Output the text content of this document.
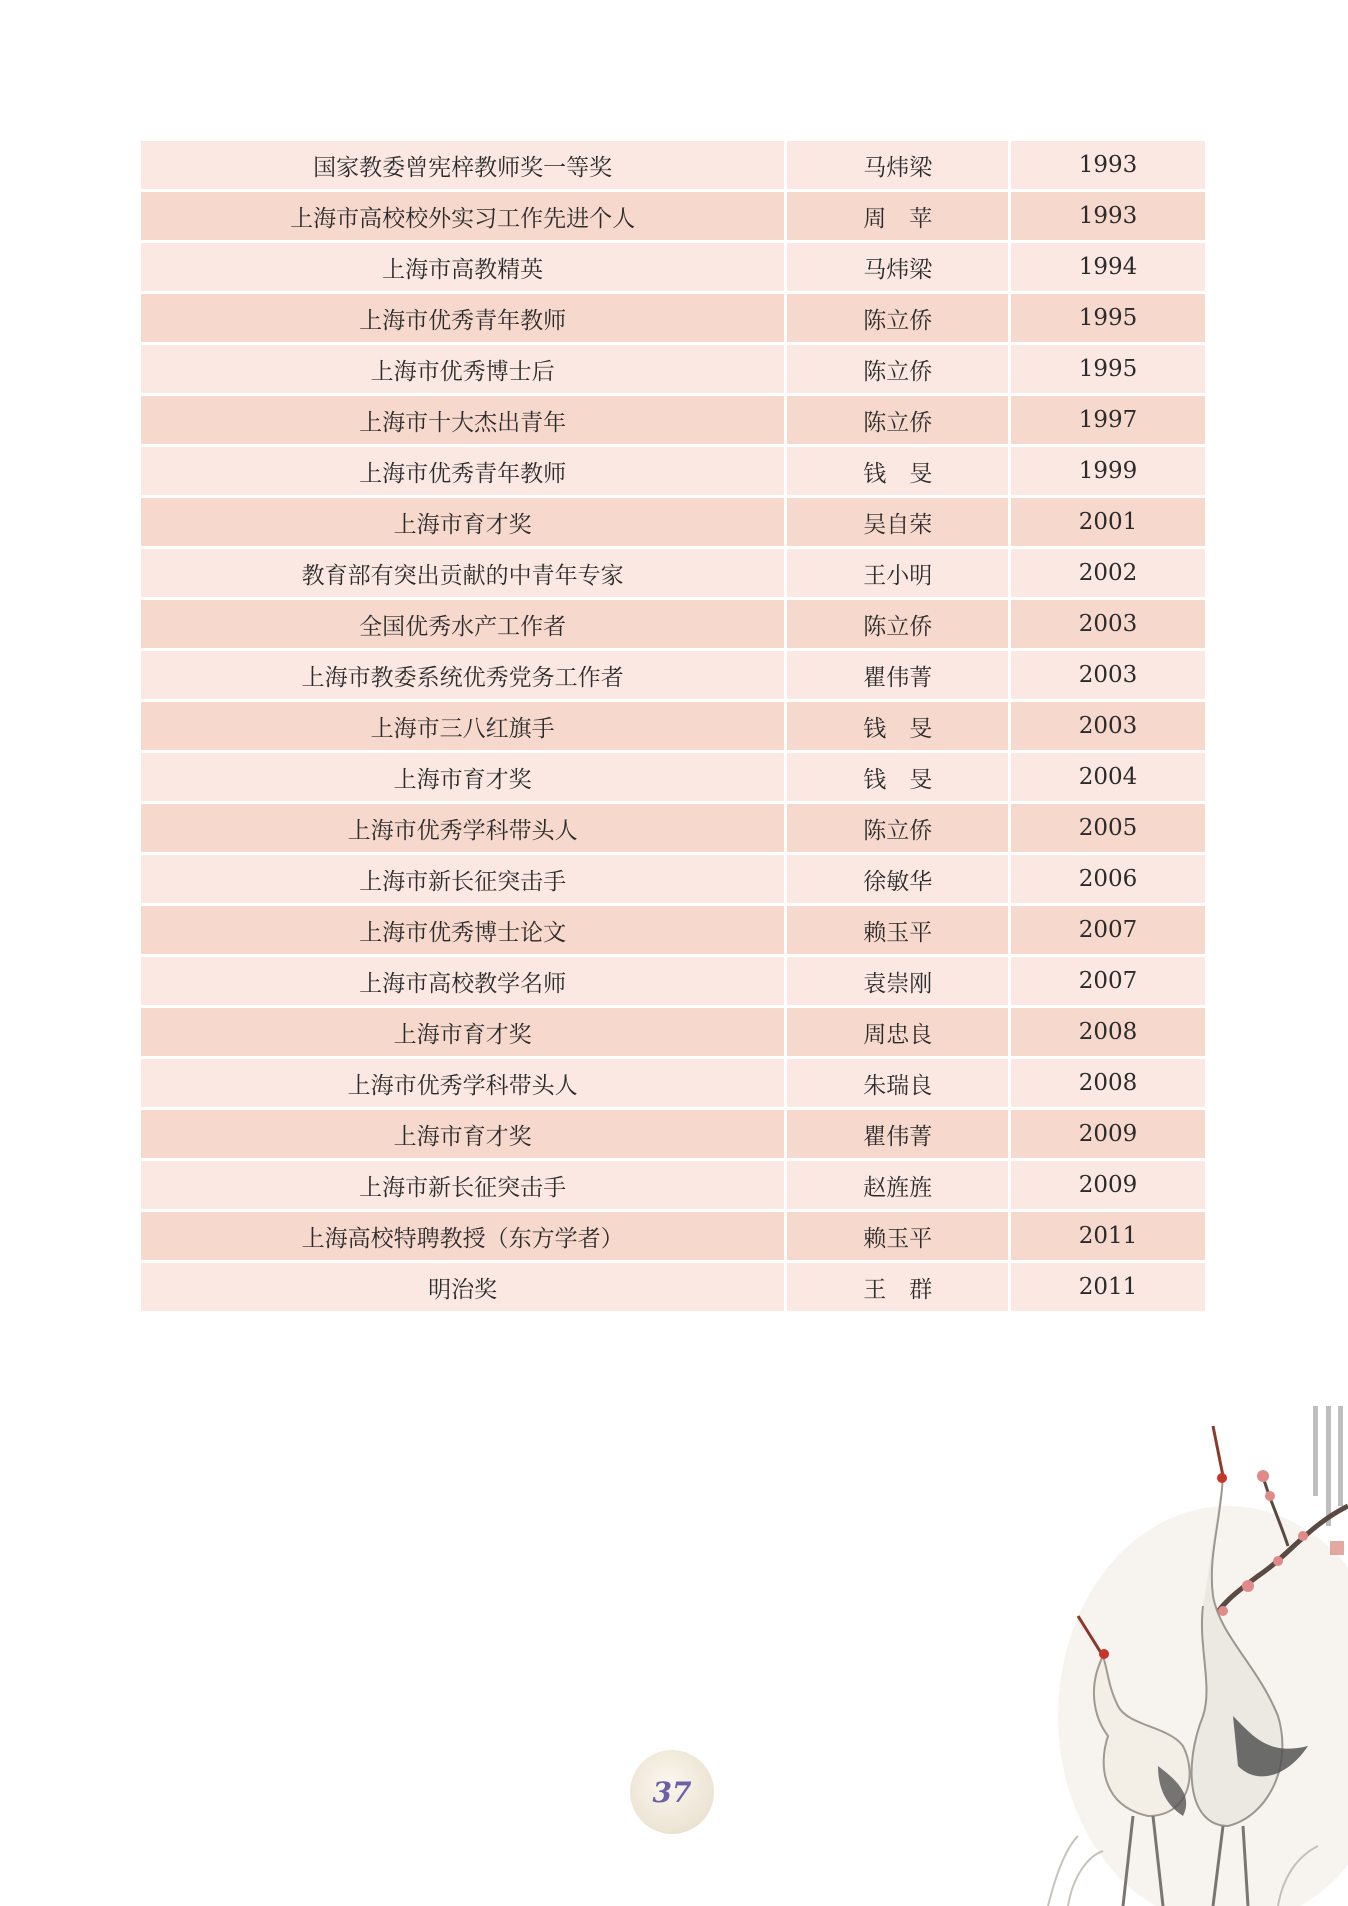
国家教委曾宪梓教师奖一等奖	马炜梁	1993
上海市高校校外实习工作先进个人	周　苹	1993
上海市高教精英	马炜梁	1994
上海市优秀青年教师	陈立侨	1995
上海市优秀博士后	陈立侨	1995
上海市十大杰出青年	陈立侨	1997
上海市优秀青年教师	钱　旻	1999
上海市育才奖	吴自荣	2001
教育部有突出贡献的中青年专家	王小明	2002
全国优秀水产工作者	陈立侨	2003
上海市教委系统优秀党务工作者	瞿伟菁	2003
上海市三八红旗手	钱　旻	2003
上海市育才奖	钱　旻	2004
上海市优秀学科带头人	陈立侨	2005
上海市新长征突击手	徐敏华	2006
上海市优秀博士论文	赖玉平	2007
上海市高校教学名师	袁崇刚	2007
上海市育才奖	周忠良	2008
上海市优秀学科带头人	朱瑞良	2008
上海市育才奖	瞿伟菁	2009
上海市新长征突击手	赵旌旌	2009
上海高校特聘教授（东方学者）	赖玉平	2011
明治奖	王　群	2011
37
